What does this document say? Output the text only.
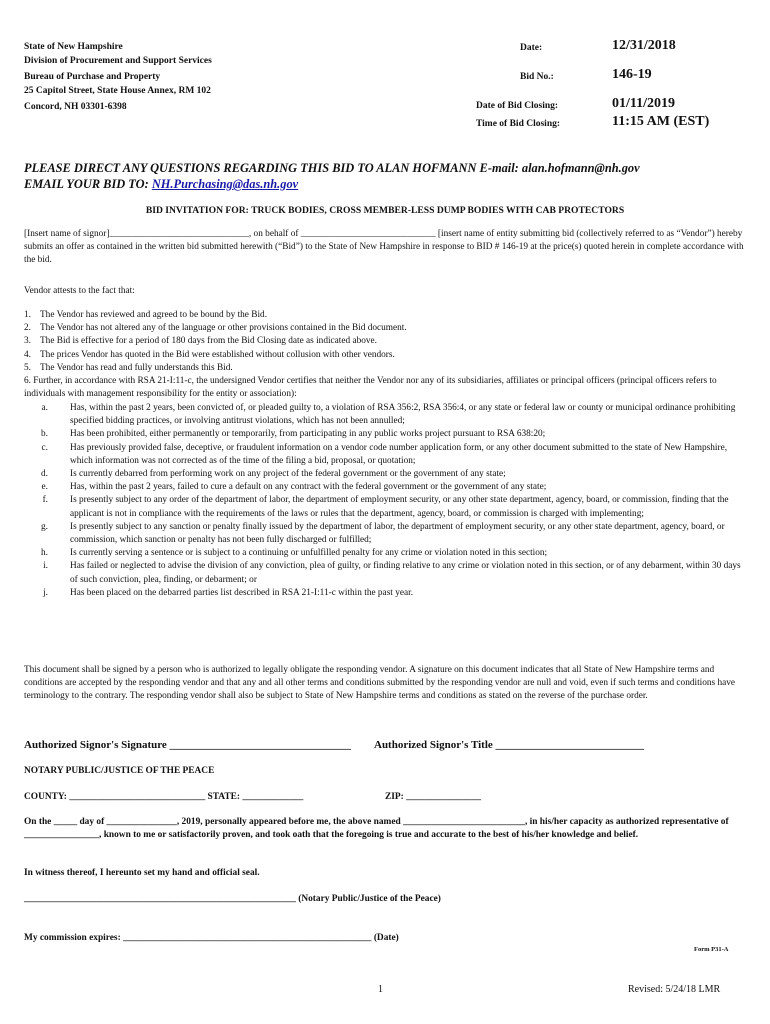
State of New Hampshire
Division of Procurement and Support Services
Bureau of Purchase and Property
25 Capitol Street, State House Annex, RM 102
Concord, NH 03301-6398
Date:	12/31/2018
Bid No.:	146-19
Date of Bid Closing:	01/11/2019
Time of Bid Closing:	11:15 AM (EST)
PLEASE DIRECT ANY QUESTIONS REGARDING THIS BID TO ALAN HOFMANN E-mail: alan.hofmann@nh.gov
EMAIL YOUR BID TO: NH.Purchasing@das.nh.gov
BID INVITATION FOR: TRUCK BODIES, CROSS MEMBER-LESS DUMP BODIES WITH CAB PROTECTORS
[Insert name of signor]______________________________, on behalf of _____________________________ [insert name of entity submitting bid (collectively referred to as “Vendor”) hereby submits an offer as contained in the written bid submitted herewith (“Bid”) to the State of New Hampshire in response to BID # 146-19 at the price(s) quoted herein in complete accordance with the bid.
Vendor attests to the fact that:
1. The Vendor has reviewed and agreed to be bound by the Bid.
2. The Vendor has not altered any of the language or other provisions contained in the Bid document.
3. The Bid is effective for a period of 180 days from the Bid Closing date as indicated above.
4. The prices Vendor has quoted in the Bid were established without collusion with other vendors.
5. The Vendor has read and fully understands this Bid.
6. Further, in accordance with RSA 21-I:11-c, the undersigned Vendor certifies that neither the Vendor nor any of its subsidiaries, affiliates or principal officers (principal officers refers to individuals with management responsibility for the entity or association):
a.	Has, within the past 2 years, been convicted of, or pleaded guilty to, a violation of RSA 356:2, RSA 356:4, or any state or federal law or county or municipal ordinance prohibiting specified bidding practices, or involving antitrust violations, which has not been annulled;
b.	Has been prohibited, either permanently or temporarily, from participating in any public works project pursuant to RSA 638:20;
c.	Has previously provided false, deceptive, or fraudulent information on a vendor code number application form, or any other document submitted to the state of New Hampshire, which information was not corrected as of the time of the filing a bid, proposal, or quotation;
d.	Is currently debarred from performing work on any project of the federal government or the government of any state;
e.	Has, within the past 2 years, failed to cure a default on any contract with the federal government or the government of any state;
f.	Is presently subject to any order of the department of labor, the department of employment security, or any other state department, agency, board, or commission, finding that the applicant is not in compliance with the requirements of the laws or rules that the department, agency, board, or commission is charged with implementing;
g.	Is presently subject to any sanction or penalty finally issued by the department of labor, the department of employment security, or any other state department, agency, board, or commission, which sanction or penalty has not been fully discharged or fulfilled;
h.	Is currently serving a sentence or is subject to a continuing or unfulfilled penalty for any crime or violation noted in this section;
i.	Has failed or neglected to advise the division of any conviction, plea of guilty, or finding relative to any crime or violation noted in this section, or of any debarment, within 30 days of such conviction, plea, finding, or debarment; or
j.	Has been placed on the debarred parties list described in RSA 21-I:11-c within the past year.
This document shall be signed by a person who is authorized to legally obligate the responding vendor. A signature on this document indicates that all State of New Hampshire terms and conditions are accepted by the responding vendor and that any and all other terms and conditions submitted by the responding vendor are null and void, even if such terms and conditions have terminology to the contrary. The responding vendor shall also be subject to State of New Hampshire terms and conditions as stated on the reverse of the purchase order.
Authorized Signor's Signature _________________________________ Authorized Signor's Title ___________________________
NOTARY PUBLIC/JUSTICE OF THE PEACE
COUNTY: _____________________________ STATE: _____________	ZIP: ________________
On the _____ day of _______________, 2019, personally appeared before me, the above named __________________________, in his/her capacity as authorized representative of ________________, known to me or satisfactorily proven, and took oath that the foregoing is true and accurate to the best of his/her knowledge and belief.
In witness thereof, I hereunto set my hand and official seal.
__________________________________________________________ (Notary Public/Justice of the Peace)
My commission expires: _____________________________________________________ (Date)
Form P31-A
1	Revised: 5/24/18 LMR
